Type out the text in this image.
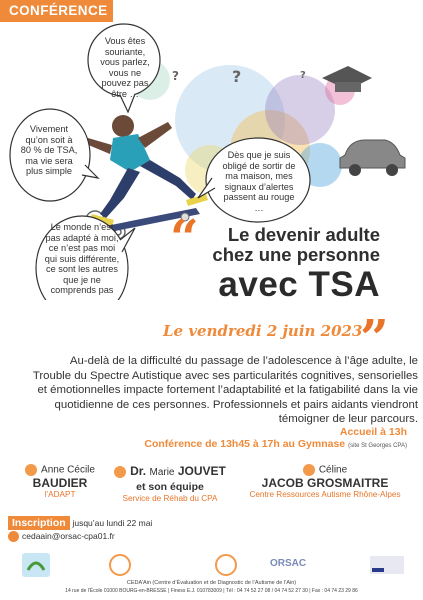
?
?	?
CONFÉRENCE
Vous êtes souriante, vous parlez, vous ne pouvez pas être …
Vivement qu’on soit à 80 % de TSA, ma vie sera plus simple
Dès que je suis obligé de sortir de ma maison, mes signaux d’alertes passent au rouge …
Le monde n’est pas adapté à moi, ce n’est pas moi qui suis différente, ce sont les autres que je ne comprends pas
“	Le devenir adulte
chez une personne
avec TSA
Le vendredi 2 juin 2023
”
Au-delà de la difficulté du passage de l’adolescence à l’âge adulte, le Trouble du Spectre Autistique avec ses particularités cognitives, sensorielles et émotionnelles impacte fortement l’adaptabilité et la fatigabilité dans la vie quotidienne de ces personnes. Professionnels et pairs aidants viendront témoigner de leur parcours.
Accueil à 13h
Conférence de 13h45 à 17h au Gymnase (site St Georges CPA)
Anne Cécile
BAUDIER
l’ADAPT
Dr. Marie JOUVET
et son équipe
Service de Réhab du CPA
Céline
JACOB GROSMAITRE
Centre Ressources Autisme Rhône-Alpes
Inscription jusqu’au lundi 22 mai
cedaain@orsac-cpa01.fr
ORSAC
CEDA’Ain (Centre d’Évaluation et de Diagnostic de l’Autisme de l’Ain)
14 rue de l’École 01000 BOURG-en-BRESSE | Finess E.J. 010783009 | Tél : 04 74 52 27 08 / 04 74 52 27 30 | Fax : 04 74 23 29 86
